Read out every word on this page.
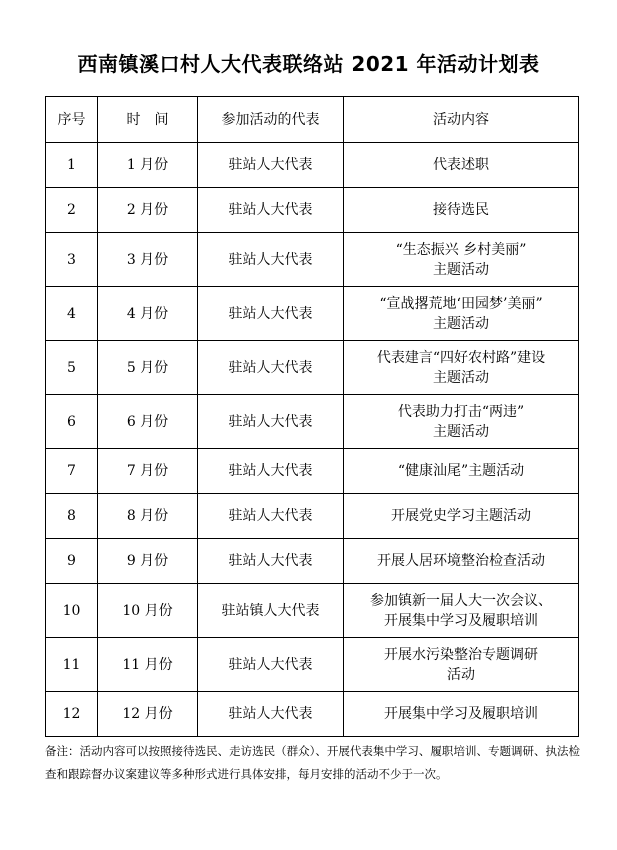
西南镇溪口村人大代表联络站 2021 年活动计划表
序号	时　间	参加活动的代表	活动内容
1	1 月份	驻站人大代表	代表述职

2	2 月份	驻站人大代表	接待选民

3	3 月份	驻站人大代表	“生态振兴 乡村美丽”
主题活动

4	4 月份	驻站人大代表	“宣战撂荒地‘田园梦’美丽”
主题活动

5	5 月份	驻站人大代表	代表建言“四好农村路”建设
主题活动

6	6 月份	驻站人大代表	代表助力打击“两违”
主题活动

7	7 月份	驻站人大代表	“健康汕尾”主题活动

8	8 月份	驻站人大代表	开展党史学习主题活动

9	9 月份	驻站人大代表	开展人居环境整治检查活动

10	10 月份	驻站镇人大代表	参加镇新一届人大一次会议、
开展集中学习及履职培训

11	11 月份	驻站人大代表	开展水污染整治专题调研
活动

12	12 月份	驻站人大代表	开展集中学习及履职培训
备注：活动内容可以按照接待选民、走访选民（群众）、开展代表集中学习、履职培训、专题调研、执法检查和跟踪督办议案建议等多种形式进行具体安排，每月安排的活动不少于一次。
